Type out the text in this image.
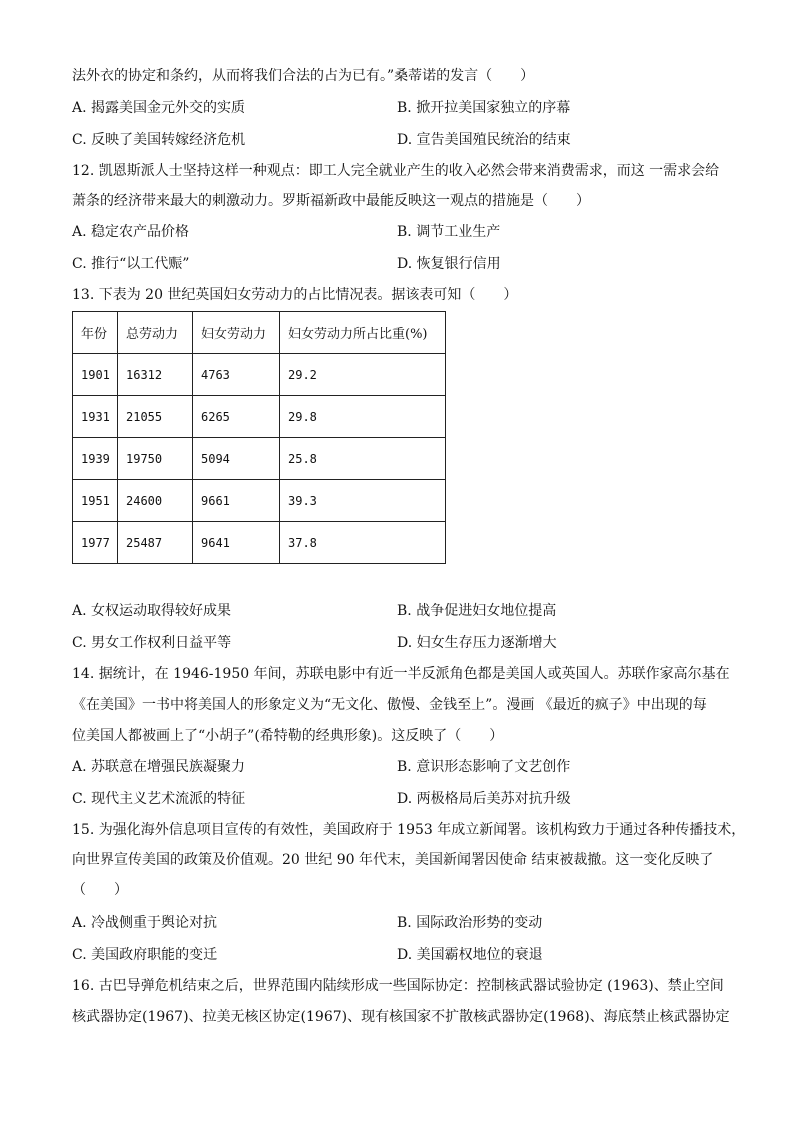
法外衣的协定和条约，从而将我们合法的占为已有。”桑蒂诺的发言（　　）
A. 揭露美国金元外交的实质	B. 掀开拉美国家独立的序幕
C. 反映了美国转嫁经济危机	D. 宣告美国殖民统治的结束
12. 凯恩斯派人士坚持这样一种观点：即工人完全就业产生的收入必然会带来消费需求，而这 一需求会给
萧条的经济带来最大的刺激动力。罗斯福新政中最能反映这一观点的措施是（　　）
A. 稳定农产品价格	B. 调节工业生产
C. 推行“以工代赈”	D. 恢复银行信用
13. 下表为 20 世纪英国妇女劳动力的占比情况表。据该表可知（　　）
年份	总劳动力	妇女劳动力	妇女劳动力所占比重(%)
1901	16312	4763	29.2
1931	21055	6265	29.8
1939	19750	5094	25.8
1951	24600	9661	39.3
1977	25487	9641	37.8
A. 女权运动取得较好成果	B. 战争促进妇女地位提高
C. 男女工作权利日益平等	D. 妇女生存压力逐渐增大
14. 据统计，在 1946-1950 年间，苏联电影中有近一半反派角色都是美国人或英国人。苏联作家高尔基在
《在美国》一书中将美国人的形象定义为“无文化、傲慢、金钱至上”。漫画 《最近的疯子》中出现的每
位美国人都被画上了“小胡子”(希特勒的经典形象)。这反映了（　　）
A. 苏联意在增强民族凝聚力	B. 意识形态影响了文艺创作
C. 现代主义艺术流派的特征	D. 两极格局后美苏对抗升级
15. 为强化海外信息项目宣传的有效性，美国政府于 1953 年成立新闻署。该机构致力于通过各种传播技术，
向世界宣传美国的政策及价值观。20 世纪 90 年代末，美国新闻署因使命 结束被裁撤。这一变化反映了
（　　）
A. 冷战侧重于舆论对抗	B. 国际政治形势的变动
C. 美国政府职能的变迁	D. 美国霸权地位的衰退
16. 古巴导弹危机结束之后，世界范围内陆续形成一些国际协定：控制核武器试验协定 (1963)、禁止空间
核武器协定(1967)、拉美无核区协定(1967)、现有核国家不扩散核武器协定(1968)、海底禁止核武器协定
